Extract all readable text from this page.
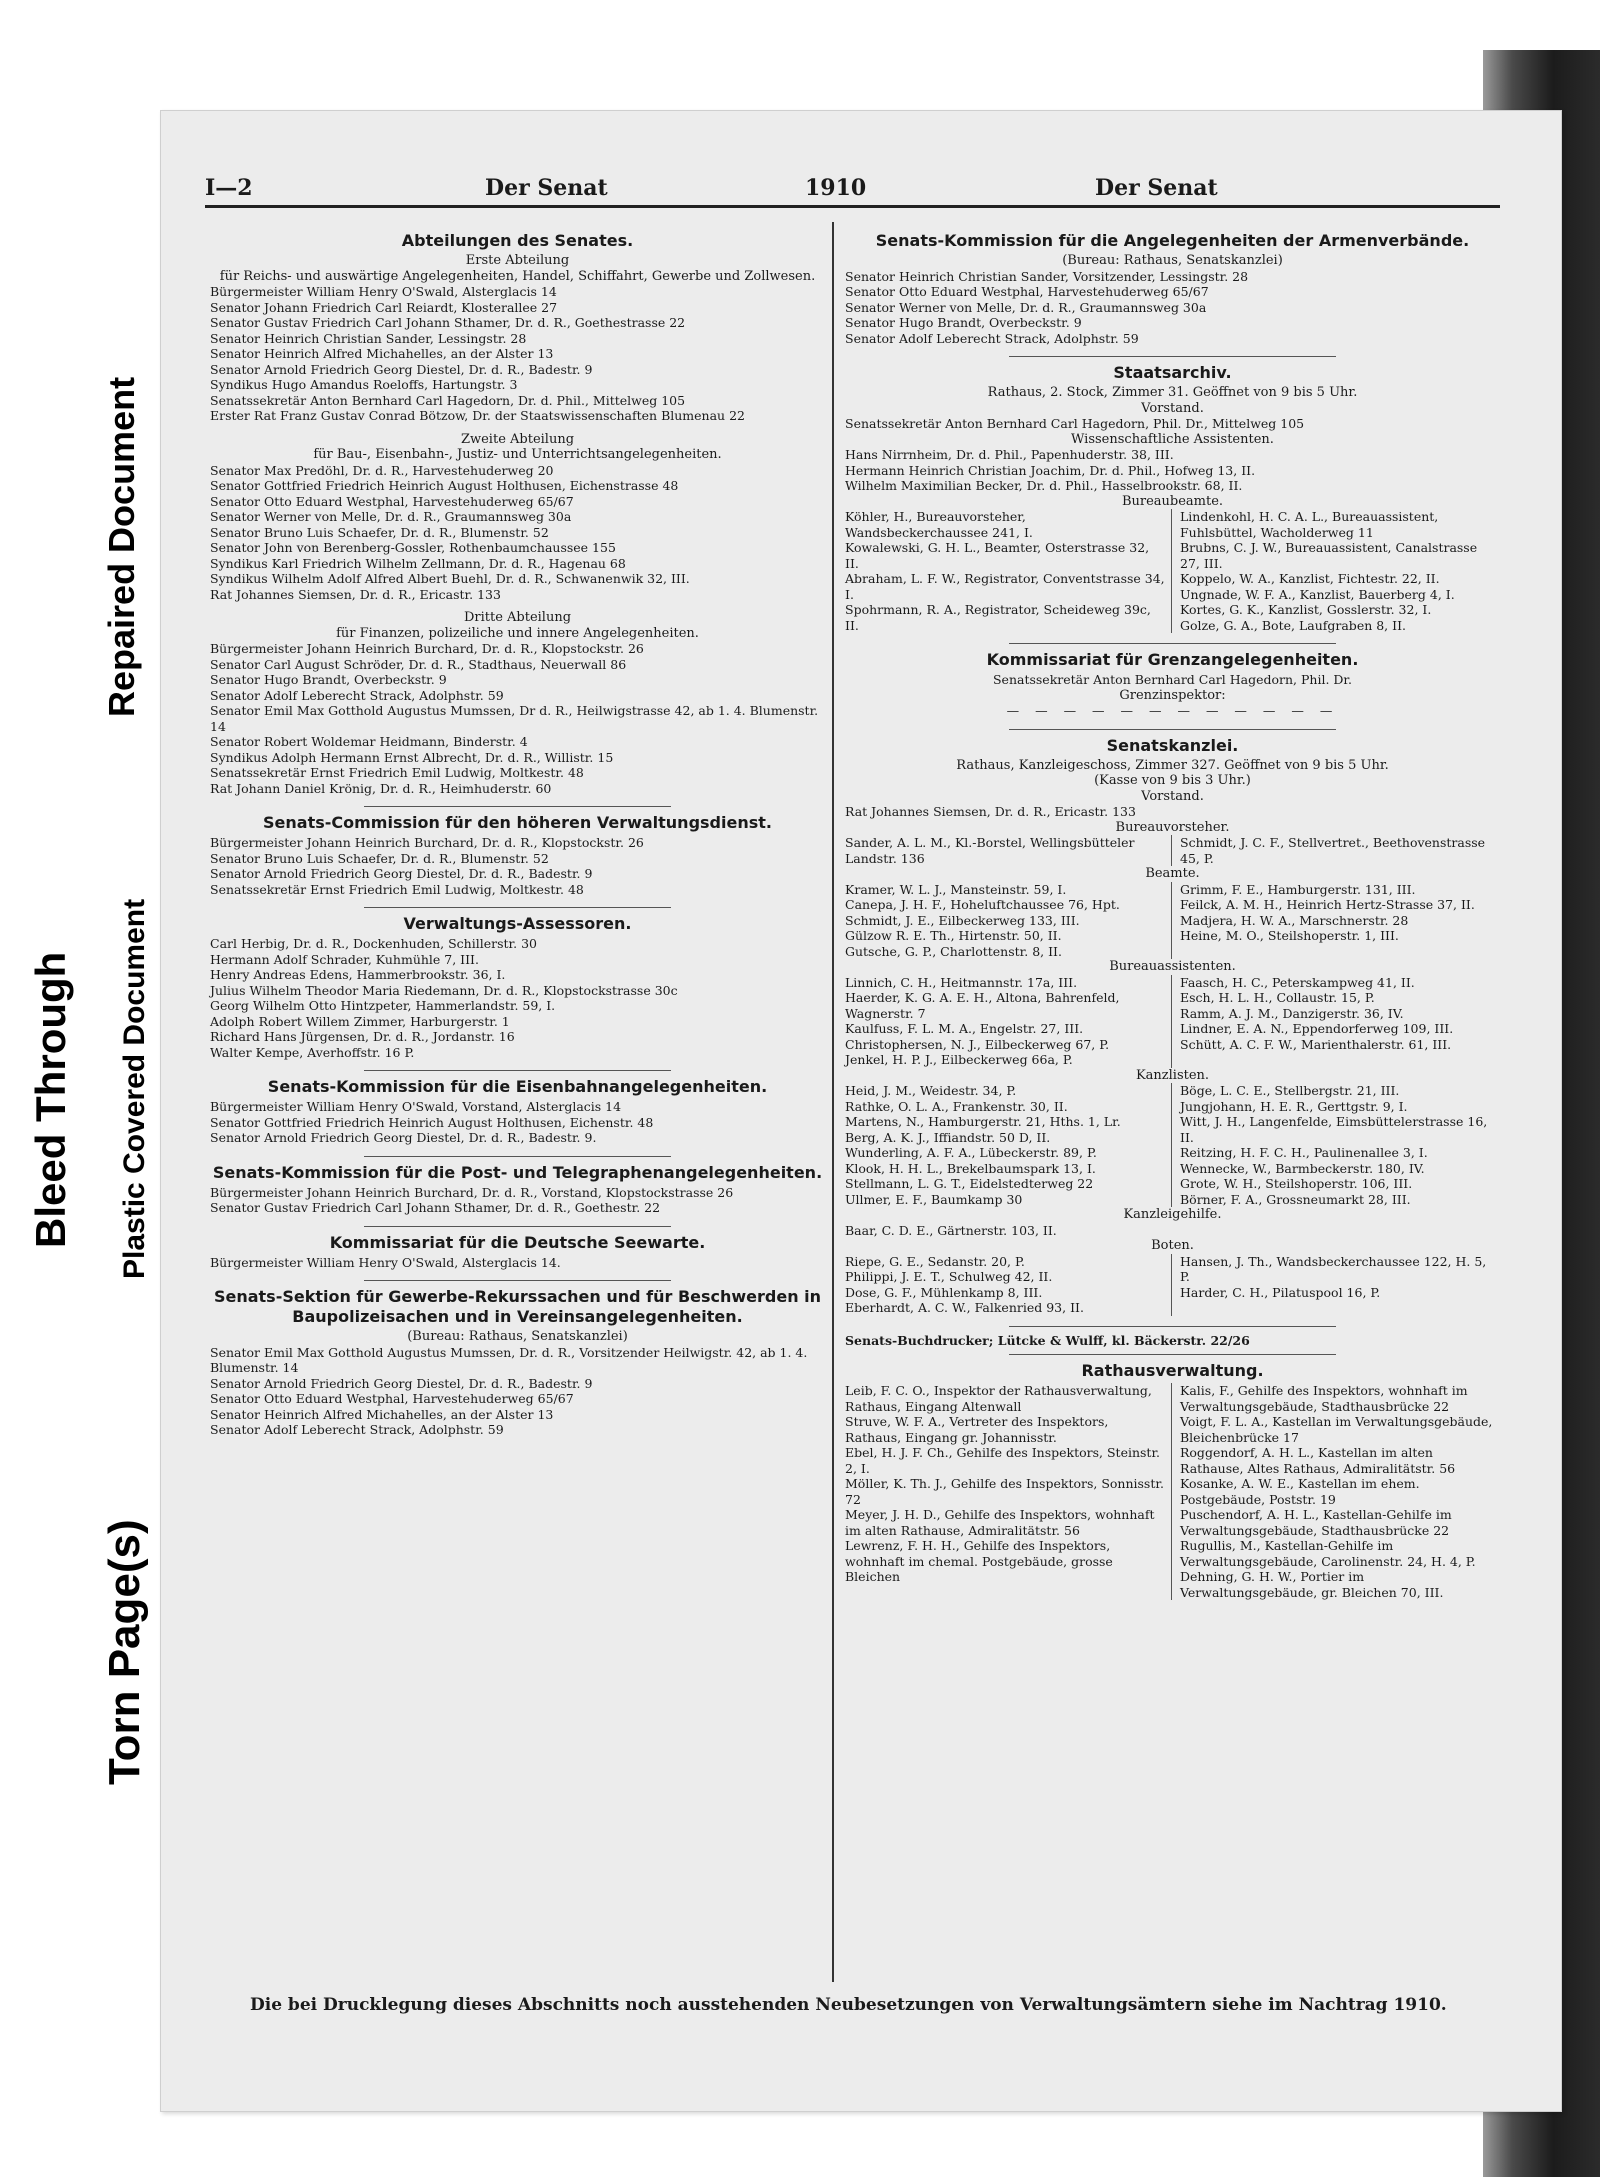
Bleed Through
Repaired Document
Plastic Covered Document
Torn Page(s)
I—2	Der Senat	1910	Der Senat
Abteilungen des Senates.
Erste Abteilung
für Reichs- und auswärtige Angelegenheiten, Handel, Schiffahrt, Gewerbe und Zollwesen.
Bürgermeister William Henry O'Swald, Alsterglacis 14
Senator Johann Friedrich Carl Reiardt, Klosterallee 27
Senator Gustav Friedrich Carl Johann Sthamer, Dr. d. R., Goethestrasse 22
Senator Heinrich Christian Sander, Lessingstr. 28
Senator Heinrich Alfred Michahelles, an der Alster 13
Senator Arnold Friedrich Georg Diestel, Dr. d. R., Badestr. 9
Syndikus Hugo Amandus Roeloffs, Hartungstr. 3
Senatssekretär Anton Bernhard Carl Hagedorn, Dr. d. Phil., Mittelweg 105
Erster Rat Franz Gustav Conrad Bötzow, Dr. der Staatswissenschaften Blumenau 22
Zweite Abteilung
für Bau-, Eisenbahn-, Justiz- und Unterrichtsangelegenheiten.
Senator Max Predöhl, Dr. d. R., Harvestehuderweg 20
Senator Gottfried Friedrich Heinrich August Holthusen, Eichenstrasse 48
Senator Otto Eduard Westphal, Harvestehuderweg 65/67
Senator Werner von Melle, Dr. d. R., Graumannsweg 30a
Senator Bruno Luis Schaefer, Dr. d. R., Blumenstr. 52
Senator John von Berenberg-Gossler, Rothenbaumchaussee 155
Syndikus Karl Friedrich Wilhelm Zellmann, Dr. d. R., Hagenau 68
Syndikus Wilhelm Adolf Alfred Albert Buehl, Dr. d. R., Schwanenwik 32, III.
Rat Johannes Siemsen, Dr. d. R., Ericastr. 133
Dritte Abteilung
für Finanzen, polizeiliche und innere Angelegenheiten.
Bürgermeister Johann Heinrich Burchard, Dr. d. R., Klopstockstr. 26
Senator Carl August Schröder, Dr. d. R., Stadthaus, Neuerwall 86
Senator Hugo Brandt, Overbeckstr. 9
Senator Adolf Leberecht Strack, Adolphstr. 59
Senator Emil Max Gotthold Augustus Mumssen, Dr d. R., Heilwigstrasse 42, ab 1. 4. Blumenstr. 14
Senator Robert Woldemar Heidmann, Binderstr. 4
Syndikus Adolph Hermann Ernst Albrecht, Dr. d. R., Willistr. 15
Senatssekretär Ernst Friedrich Emil Ludwig, Moltkestr. 48
Rat Johann Daniel Krönig, Dr. d. R., Heimhuderstr. 60
Senats-Commission für den höheren Verwaltungsdienst.
Bürgermeister Johann Heinrich Burchard, Dr. d. R., Klopstockstr. 26
Senator Bruno Luis Schaefer, Dr. d. R., Blumenstr. 52
Senator Arnold Friedrich Georg Diestel, Dr. d. R., Badestr. 9
Senatssekretär Ernst Friedrich Emil Ludwig, Moltkestr. 48
Verwaltungs-Assessoren.
Carl Herbig, Dr. d. R., Dockenhuden, Schillerstr. 30
Hermann Adolf Schrader, Kuhmühle 7, III.
Henry Andreas Edens, Hammerbrookstr. 36, I.
Julius Wilhelm Theodor Maria Riedemann, Dr. d. R., Klopstockstrasse 30c
Georg Wilhelm Otto Hintzpeter, Hammerlandstr. 59, I.
Adolph Robert Willem Zimmer, Harburgerstr. 1
Richard Hans Jürgensen, Dr. d. R., Jordanstr. 16
Walter Kempe, Averhoffstr. 16 P.
Senats-Kommission für die Eisenbahnangelegenheiten.
Bürgermeister William Henry O'Swald, Vorstand, Alsterglacis 14
Senator Gottfried Friedrich Heinrich August Holthusen, Eichenstr. 48
Senator Arnold Friedrich Georg Diestel, Dr. d. R., Badestr. 9.
Senats-Kommission für die Post- und Telegraphenangelegenheiten.
Bürgermeister Johann Heinrich Burchard, Dr. d. R., Vorstand, Klopstockstrasse 26
Senator Gustav Friedrich Carl Johann Sthamer, Dr. d. R., Goethestr. 22
Kommissariat für die Deutsche Seewarte.
Bürgermeister William Henry O'Swald, Alsterglacis 14.
Senats-Sektion für Gewerbe-Rekurssachen und für Beschwerden in Baupolizeisachen und in Vereinsangelegenheiten.
(Bureau: Rathaus, Senatskanzlei)
Senator Emil Max Gotthold Augustus Mumssen, Dr. d. R., Vorsitzender Heilwigstr. 42, ab 1. 4. Blumenstr. 14
Senator Arnold Friedrich Georg Diestel, Dr. d. R., Badestr. 9
Senator Otto Eduard Westphal, Harvestehuderweg 65/67
Senator Heinrich Alfred Michahelles, an der Alster 13
Senator Adolf Leberecht Strack, Adolphstr. 59
Senats-Kommission für die Angelegenheiten der Armenverbände.
(Bureau: Rathaus, Senatskanzlei)
Senator Heinrich Christian Sander, Vorsitzender, Lessingstr. 28
Senator Otto Eduard Westphal, Harvestehuderweg 65/67
Senator Werner von Melle, Dr. d. R., Graumannsweg 30a
Senator Hugo Brandt, Overbeckstr. 9
Senator Adolf Leberecht Strack, Adolphstr. 59
Staatsarchiv.
Rathaus, 2. Stock, Zimmer 31. Geöffnet von 9 bis 5 Uhr.
Vorstand.
Senatssekretär Anton Bernhard Carl Hagedorn, Phil. Dr., Mittelweg 105
Wissenschaftliche Assistenten.
Hans Nirrnheim, Dr. d. Phil., Papenhuderstr. 38, III.
Hermann Heinrich Christian Joachim, Dr. d. Phil., Hofweg 13, II.
Wilhelm Maximilian Becker, Dr. d. Phil., Hasselbrookstr. 68, II.
Bureaubeamte.
Köhler, H., Bureauvorsteher, Wandsbeckerchaussee 241, I.
Kowalewski, G. H. L., Beamter, Osterstrasse 32, II.
Abraham, L. F. W., Registrator, Conventstrasse 34, I.
Spohrmann, R. A., Registrator, Scheideweg 39c, II.
Lindenkohl, H. C. A. L., Bureauassistent, Fuhlsbüttel, Wacholderweg 11
Brubns, C. J. W., Bureauassistent, Canalstrasse 27, III.
Koppelo, W. A., Kanzlist, Fichtestr. 22, II.
Ungnade, W. F. A., Kanzlist, Bauerberg 4, I.
Kortes, G. K., Kanzlist, Gosslerstr. 32, I.
Golze, G. A., Bote, Laufgraben 8, II.
Kommissariat für Grenzangelegenheiten.
Senatssekretär Anton Bernhard Carl Hagedorn, Phil. Dr.
Grenzinspektor:
— — — — — — — — — — — —
Senatskanzlei.
Rathaus, Kanzleigeschoss, Zimmer 327. Geöffnet von 9 bis 5 Uhr.
(Kasse von 9 bis 3 Uhr.)
Vorstand.
Rat Johannes Siemsen, Dr. d. R., Ericastr. 133
Bureauvorsteher.
Sander, A. L. M., Kl.-Borstel, Wellingsbütteler Landstr. 136
Schmidt, J. C. F., Stellvertret., Beethovenstrasse 45, P.
Beamte.
Kramer, W. L. J., Mansteinstr. 59, I.
Canepa, J. H. F., Hoheluftchaussee 76, Hpt.
Schmidt, J. E., Eilbeckerweg 133, III.
Gülzow R. E. Th., Hirtenstr. 50, II.
Gutsche, G. P., Charlottenstr. 8, II.
Grimm, F. E., Hamburgerstr. 131, III.
Feilck, A. M. H., Heinrich Hertz-Strasse 37, II.
Madjera, H. W. A., Marschnerstr. 28
Heine, M. O., Steilshoperstr. 1, III.
Bureauassistenten.
Linnich, C. H., Heitmannstr. 17a, III.
Haerder, K. G. A. E. H., Altona, Bahrenfeld, Wagnerstr. 7
Kaulfuss, F. L. M. A., Engelstr. 27, III.
Christophersen, N. J., Eilbeckerweg 67, P.
Jenkel, H. P. J., Eilbeckerweg 66a, P.
Faasch, H. C., Peterskampweg 41, II.
Esch, H. L. H., Collaustr. 15, P.
Ramm, A. J. M., Danzigerstr. 36, IV.
Lindner, E. A. N., Eppendorferweg 109, III.
Schütt, A. C. F. W., Marienthalerstr. 61, III.
Kanzlisten.
Heid, J. M., Weidestr. 34, P.
Rathke, O. L. A., Frankenstr. 30, II.
Martens, N., Hamburgerstr. 21, Hths. 1, Lr.
Berg, A. K. J., Iffiandstr. 50 D, II.
Wunderling, A. F. A., Lübeckerstr. 89, P.
Klook, H. H. L., Brekelbaumspark 13, I.
Stellmann, L. G. T., Eidelstedterweg 22
Ullmer, E. F., Baumkamp 30
Böge, L. C. E., Stellbergstr. 21, III.
Jungjohann, H. E. R., Gerttgstr. 9, I.
Witt, J. H., Langenfelde, Eimsbüttelerstrasse 16, II.
Reitzing, H. F. C. H., Paulinenallee 3, I.
Wennecke, W., Barmbeckerstr. 180, IV.
Grote, W. H., Steilshoperstr. 106, III.
Börner, F. A., Grossneumarkt 28, III.
Kanzleigehilfe.
Baar, C. D. E., Gärtnerstr. 103, II.
Boten.
Riepe, G. E., Sedanstr. 20, P.
Philippi, J. E. T., Schulweg 42, II.
Dose, G. F., Mühlenkamp 8, III.
Eberhardt, A. C. W., Falkenried 93, II.
Hansen, J. Th., Wandsbeckerchaussee 122, H. 5, P.
Harder, C. H., Pilatuspool 16, P.
Senats-Buchdrucker; Lütcke & Wulff, kl. Bäckerstr. 22/26
Rathausverwaltung.
Leib, F. C. O., Inspektor der Rathausverwaltung, Rathaus, Eingang Altenwall
Struve, W. F. A., Vertreter des Inspektors, Rathaus, Eingang gr. Johannisstr.
Ebel, H. J. F. Ch., Gehilfe des Inspektors, Steinstr. 2, I.
Möller, K. Th. J., Gehilfe des Inspektors, Sonnisstr. 72
Meyer, J. H. D., Gehilfe des Inspektors, wohnhaft im alten Rathause, Admiralitätstr. 56
Lewrenz, F. H. H., Gehilfe des Inspektors, wohnhaft im chemal. Postgebäude, grosse Bleichen
Kalis, F., Gehilfe des Inspektors, wohnhaft im Verwaltungsgebäude, Stadthausbrücke 22
Voigt, F. L. A., Kastellan im Verwaltungsgebäude, Bleichenbrücke 17
Roggendorf, A. H. L., Kastellan im alten Rathause, Altes Rathaus, Admiralitätstr. 56
Kosanke, A. W. E., Kastellan im ehem. Postgebäude, Poststr. 19
Puschendorf, A. H. L., Kastellan-Gehilfe im Verwaltungsgebäude, Stadthausbrücke 22
Rugullis, M., Kastellan-Gehilfe im Verwaltungsgebäude, Carolinenstr. 24, H. 4, P.
Dehning, G. H. W., Portier im Verwaltungsgebäude, gr. Bleichen 70, III.
Die bei Drucklegung dieses Abschnitts noch ausstehenden Neubesetzungen von Verwaltungsämtern siehe im Nachtrag 1910.
